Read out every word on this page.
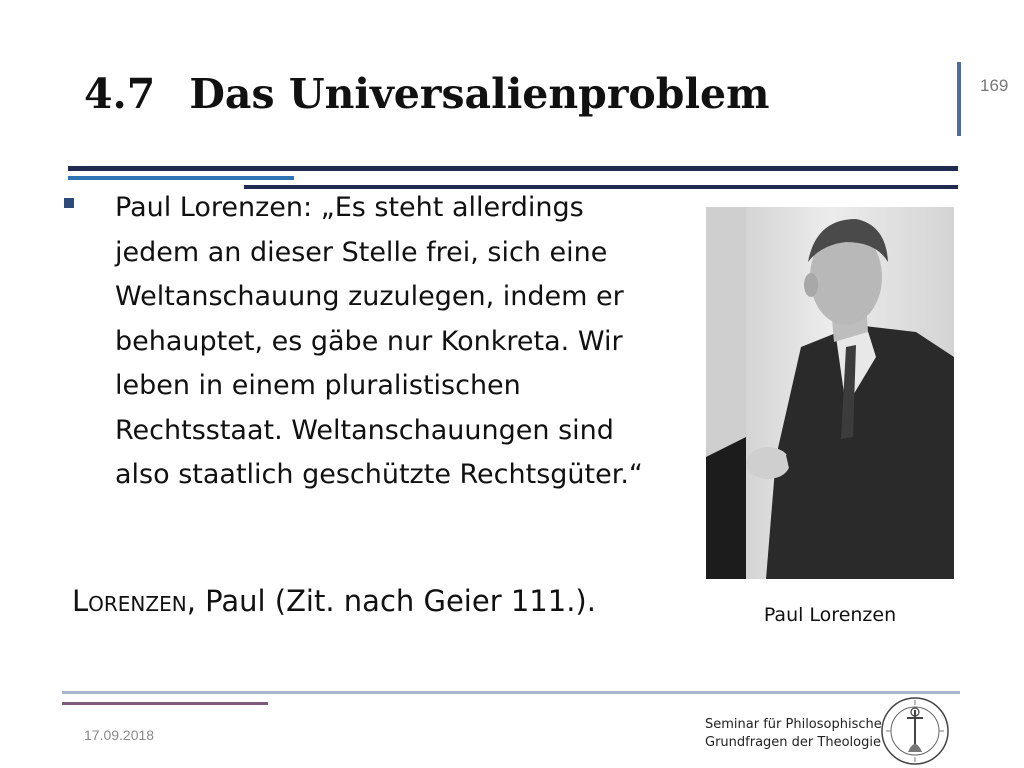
4.7 Das Universalienproblem	169
Paul Lorenzen: „Es steht allerdings jedem an dieser Stelle frei, sich eine Weltanschauung zuzulegen, indem er behauptet, es gäbe nur Konkreta. Wir leben in einem pluralistischen Rechtsstaat. Weltanschauungen sind also staatlich geschützte Rechtsgüter.“
Lorenzen, Paul (Zit. nach Geier 111.).	Paul Lorenzen
17.09.2018
Seminar für Philosophische
Grundfragen der Theologie
